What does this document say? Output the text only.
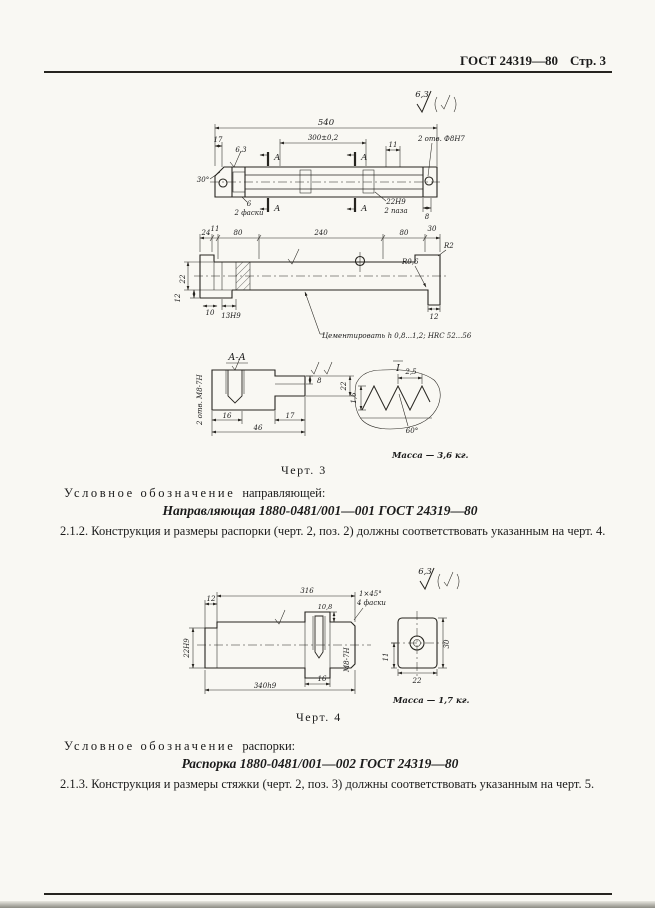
ГОСТ 24319—80 Стр. 3
6,3
А	А
А	А
540
300±0,2
11
2 отв. Ф8Н7
17
6,3
30°
6
2 фаски
22Н9
2 паза
8
24 11 80	240	80	30
R2
R0,6
22
12
10 13Н9	12
Цементировать h 0,8...1,2; HRC 52...56
А-А
8
22
16	17
46
2 отв. М8-7Н
I 2,5
1,6
60°
Масса — 3,6 кг.
Черт. 3
Условное обозначение направляющей:
Направляющая 1880-0481/001—001 ГОСТ 24319—80
2.1.2. Конструкция и размеры распорки (черт. 2, поз. 2) должны соответствовать указанным на черт. 4.
6,3
12
316	1×45°
4 фаски
10,8
22Н9
340h9
16
М8-7Н
30
11
22
Масса — 1,7 кг.
Черт. 4
Условное обозначение распорки:
Распорка 1880-0481/001—002 ГОСТ 24319—80
2.1.3. Конструкция и размеры стяжки (черт. 2, поз. 3) должны соответствовать указанным на черт. 5.
